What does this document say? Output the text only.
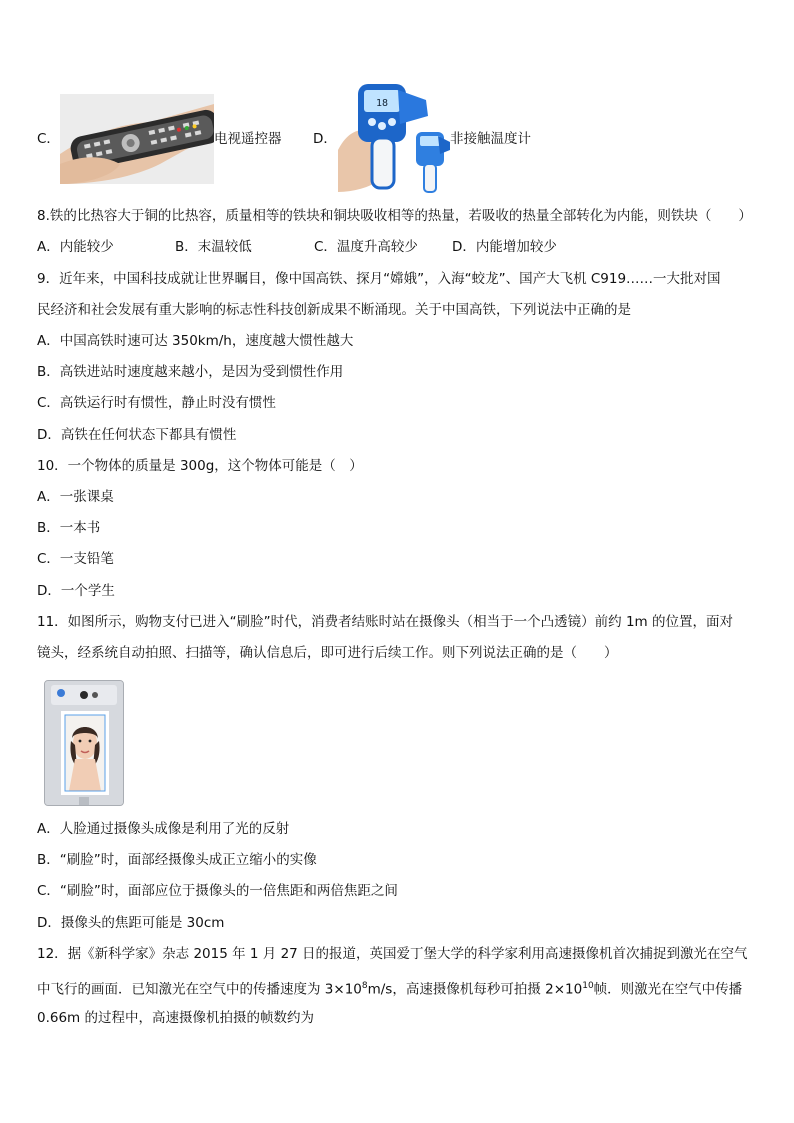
C．	电视遥控器 D．
18
非接触温度计
8.铁的比热容大于铜的比热容，质量相等的铁块和铜块吸收相等的热量，若吸收的热量全部转化为内能，则铁块（　　）
A．内能较少	B．末温较低	C．温度升高较少	D．内能增加较少
9．近年来，中国科技成就让世界瞩目，像中国高铁、探月“嫦娥”，入海“蛟龙”、国产大飞机 C919……一大批对国
民经济和社会发展有重大影响的标志性科技创新成果不断涌现。关于中国高铁，下列说法中正确的是
A．中国高铁时速可达 350km/h，速度越大惯性越大
B．高铁进站时速度越来越小，是因为受到惯性作用
C．高铁运行时有惯性，静止时没有惯性
D．高铁在任何状态下都具有惯性
10．一个物体的质量是 300g，这个物体可能是（　）
A．一张课桌
B．一本书
C．一支铅笔
D．一个学生
11．如图所示，购物支付已进入“刷脸”时代，消费者结账时站在摄像头（相当于一个凸透镜）前约 1m 的位置，面对
镜头，经系统自动拍照、扫描等，确认信息后，即可进行后续工作。则下列说法正确的是（　　）
A．人脸通过摄像头成像是利用了光的反射
B．“刷脸”时，面部经摄像头成正立缩小的实像
C．“刷脸”时，面部应位于摄像头的一倍焦距和两倍焦距之间
D．摄像头的焦距可能是 30cm
12．据《新科学家》杂志 2015 年 1 月 27 日的报道，英国爱丁堡大学的科学家利用高速摄像机首次捕捉到激光在空气
中飞行的画面．已知激光在空气中的传播速度为 $3\times 10^8m/s$，高速摄像机每秒可拍摄 $2\times 10^{10}$帧．则激光在空气中传播
0.66m 的过程中，高速摄像机拍摄的帧数约为
